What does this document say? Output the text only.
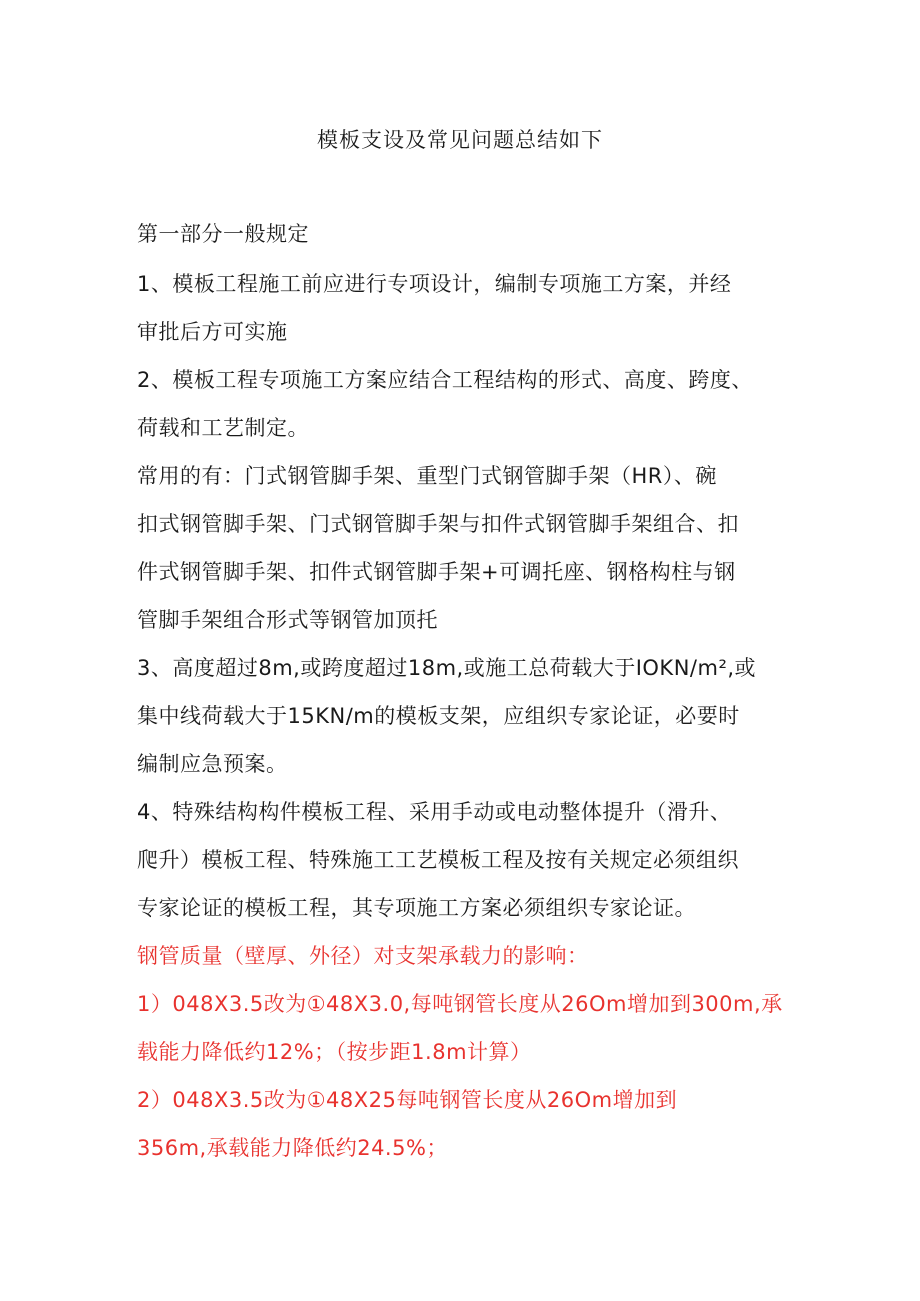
模板支设及常见问题总结如下
第一部分一般规定
1、模板工程施工前应进行专项设计，编制专项施工方案，并经
审批后方可实施
2、模板工程专项施工方案应结合工程结构的形式、高度、跨度、
荷载和工艺制定。
常用的有：门式钢管脚手架、重型门式钢管脚手架（HR）、碗
扣式钢管脚手架、门式钢管脚手架与扣件式钢管脚手架组合、扣
件式钢管脚手架、扣件式钢管脚手架+可调托座、钢格构柱与钢
管脚手架组合形式等钢管加顶托
3、高度超过8m,或跨度超过18m,或施工总荷载大于IOKN/m²,或
集中线荷载大于15KN∕m的模板支架，应组织专家论证，必要时
编制应急预案。
4、特殊结构构件模板工程、采用手动或电动整体提升（滑升、
爬升）模板工程、特殊施工工艺模板工程及按有关规定必须组织
专家论证的模板工程，其专项施工方案必须组织专家论证。
钢管质量（壁厚、外径）对支架承载力的影响：
1）048X3.5改为①48X3.0,每吨钢管长度从26Om增加到300m,承
载能力降低约12%；（按步距1.8m计算）
2）048X3.5改为①48X25每吨钢管长度从26Om增加到
356m,承载能力降低约24.5%；
